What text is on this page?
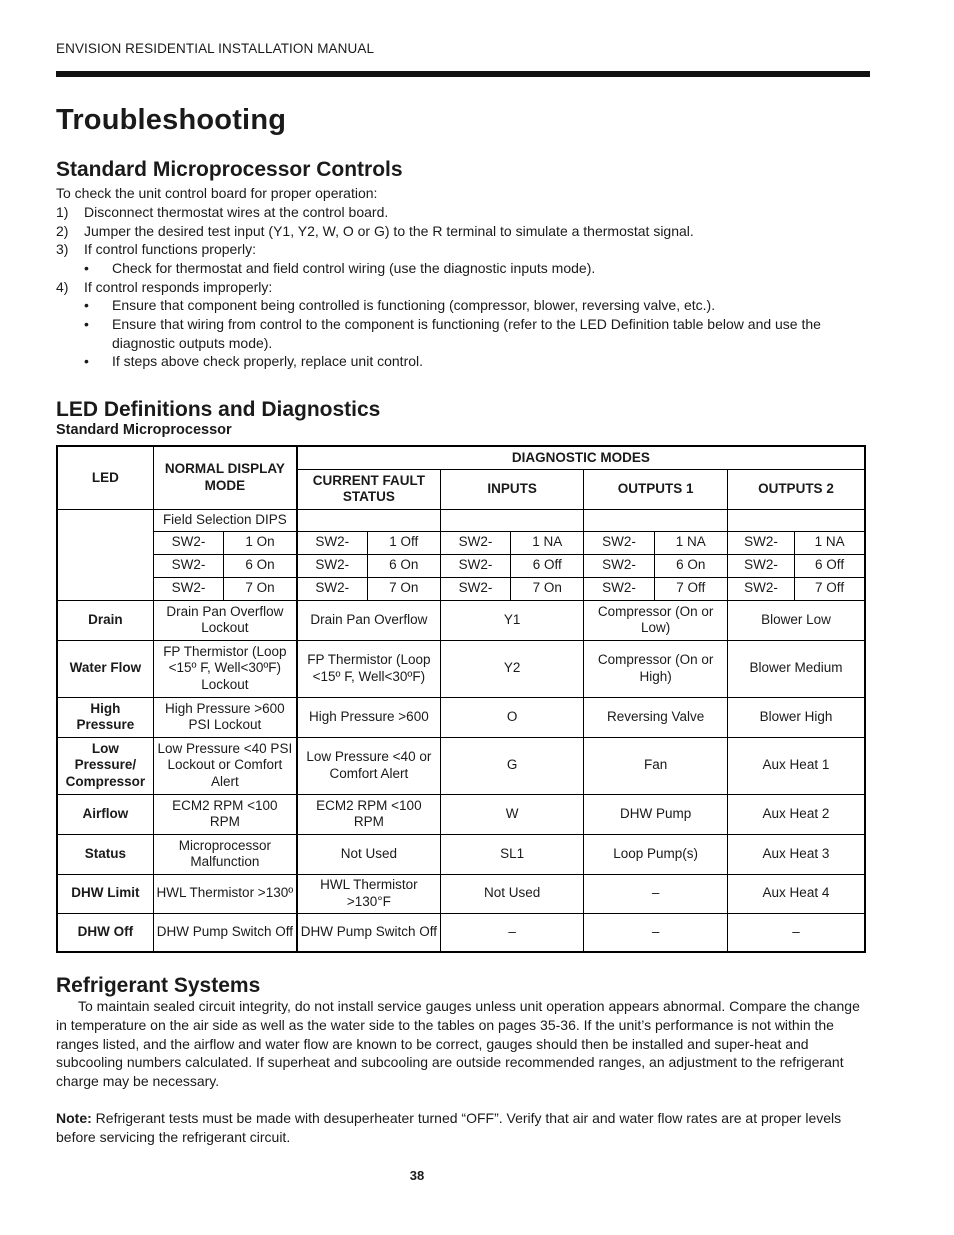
ENVISION RESIDENTIAL INSTALLATION MANUAL
Troubleshooting
Standard Microprocessor Controls
To check the unit control board for proper operation:
1) Disconnect thermostat wires at the control board.
2) Jumper the desired test input (Y1, Y2, W, O or G) to the R terminal to simulate a thermostat signal.
3) If control functions properly:
• Check for thermostat and field control wiring (use the diagnostic inputs mode).
4) If control responds improperly:
• Ensure that component being controlled is functioning (compressor, blower, reversing valve, etc.).
• Ensure that wiring from control to the component is functioning (refer to the LED Definition table below and use the diagnostic outputs mode).
• If steps above check properly, replace unit control.
LED Definitions and Diagnostics
Standard Microprocessor
LED	NORMAL DISPLAY MODE		DIAGNOSTIC MODES							
			CURRENT FAULT STATUS		INPUTS		OUTPUTS 1		OUTPUTS 2	
	Field Selection DIPS									
	SW2-	1 On	SW2-	1 Off	SW2-	1 NA	SW2-	1 NA	SW2-	1 NA
	SW2-	6 On	SW2-	6 On	SW2-	6 Off	SW2-	6 On	SW2-	6 Off
	SW2-	7 On	SW2-	7 On	SW2-	7 On	SW2-	7 Off	SW2-	7 Off
Drain	Drain Pan Overflow Lockout		Drain Pan Overflow		Y1		Compressor (On or Low)		Blower Low	
Water Flow	FP Thermistor (Loop <15º F, Well<30ºF) Lockout		FP Thermistor (Loop <15º F, Well<30ºF)		Y2		Compressor (On or High)		Blower Medium	
High Pressure	High Pressure >600 PSI Lockout		High Pressure >600		O		Reversing Valve		Blower High	
Low Pressure/ Compressor	Low Pressure <40 PSI Lockout or Comfort Alert		Low Pressure <40 or Comfort Alert		G		Fan		Aux Heat 1	
Airflow	ECM2 RPM <100 RPM		ECM2 RPM <100 RPM		W		DHW Pump		Aux Heat 2	
Status	Microprocessor Malfunction		Not Used		SL1		Loop Pump(s)		Aux Heat 3	
DHW Limit	HWL Thermistor >130º		HWL Thermistor >130°F		Not Used		–		Aux Heat 4	
DHW Off	DHW Pump Switch Off		DHW Pump Switch Off		–		–		–	
Refrigerant Systems

To maintain sealed circuit integrity, do not install service gauges unless unit operation appears abnormal. Compare the change in temperature on the air side as well as the water side to the tables on pages 35-36. If the unit’s performance is not within the ranges listed, and the airflow and water flow are known to be correct, gauges should then be installed and super-heat and subcooling numbers calculated. If superheat and subcooling are outside recommended ranges, an adjustment to the refrigerant charge may be necessary.

Note: Refrigerant tests must be made with desuperheater turned “OFF”. Verify that air and water flow rates are at proper levels before servicing the refrigerant circuit.

38
